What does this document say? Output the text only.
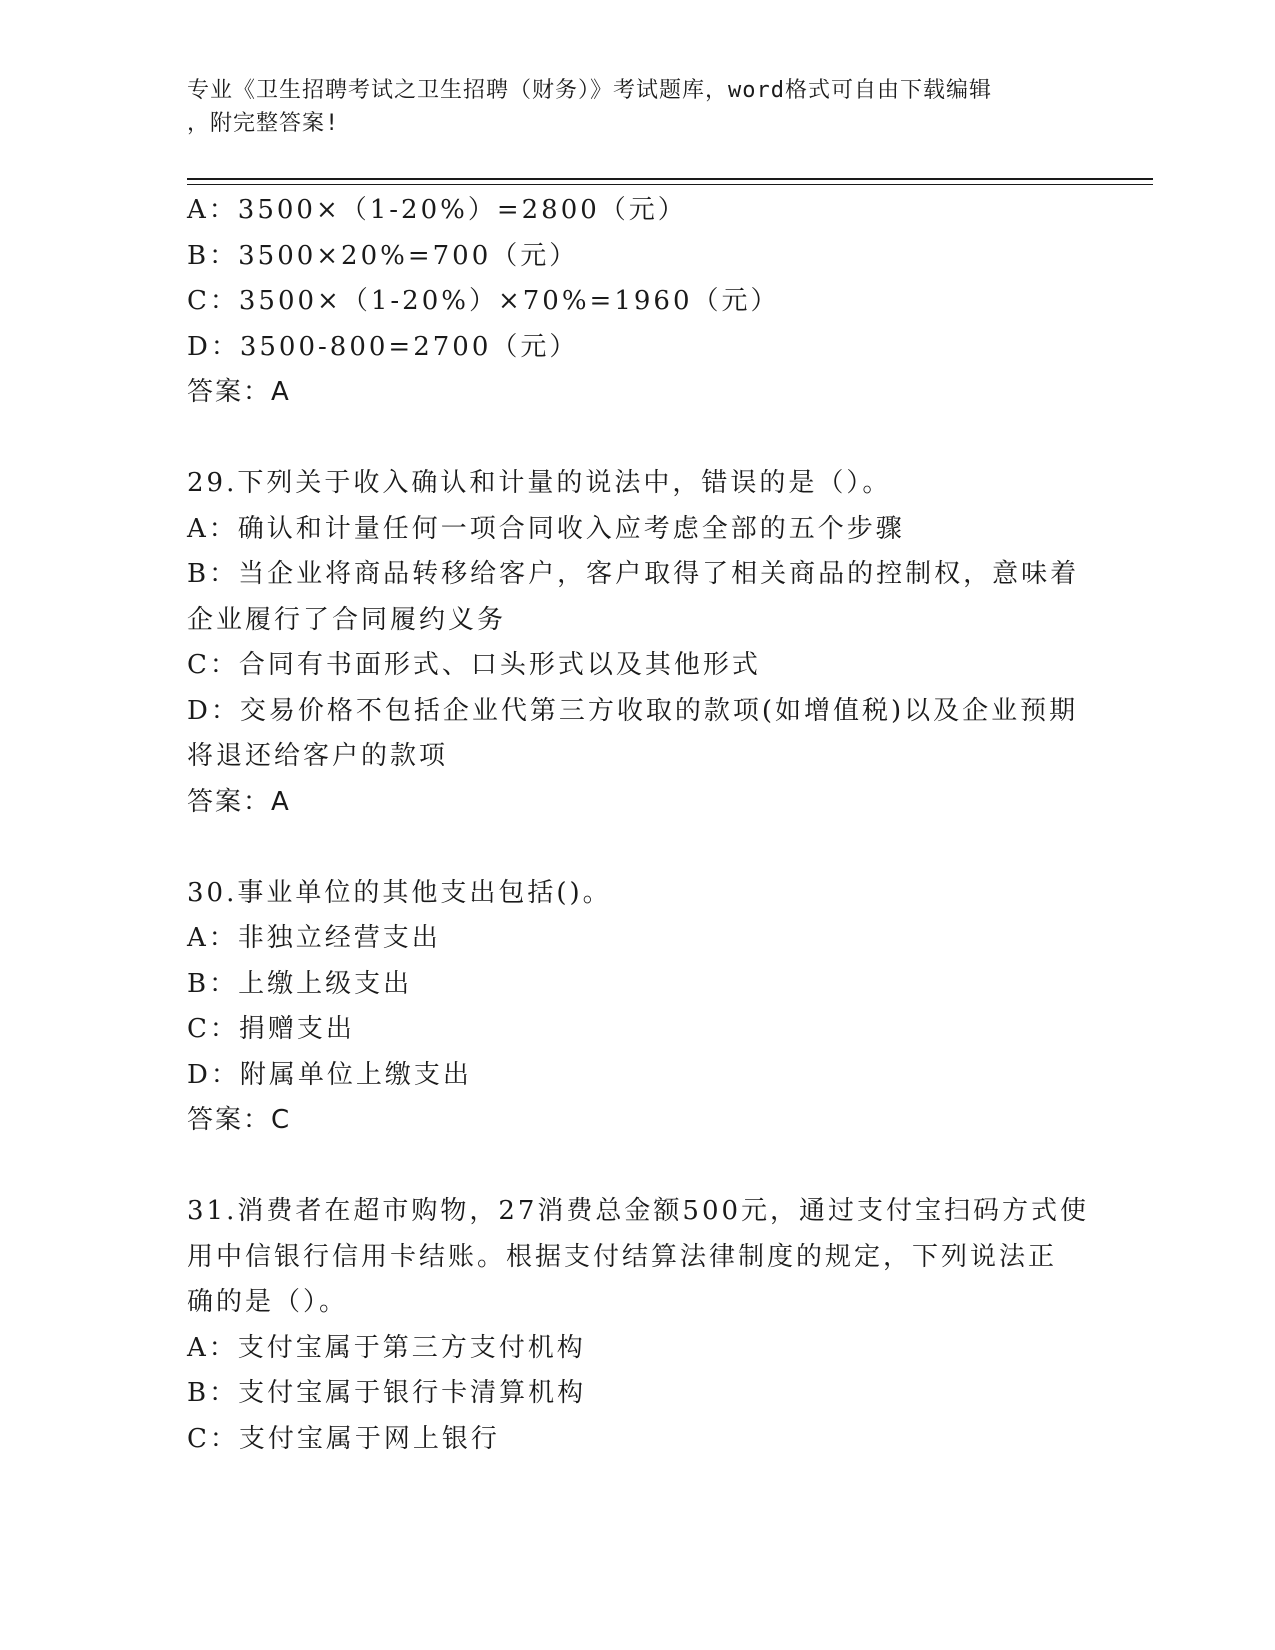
专业《卫生招聘考试之卫生招聘（财务）》考试题库，word格式可自由下载编辑
，附完整答案!
A：3500×（1-20%）=2800（元）
B：3500×20%=700（元）
C：3500×（1-20%）×70%=1960（元）
D：3500-800=2700（元）
答案：A
29.下列关于收入确认和计量的说法中，错误的是（）。
A：确认和计量任何一项合同收入应考虑全部的五个步骤
B：当企业将商品转移给客户，客户取得了相关商品的控制权，意味着
企业履行了合同履约义务
C：合同有书面形式、口头形式以及其他形式
D：交易价格不包括企业代第三方收取的款项(如增值税)以及企业预期
将退还给客户的款项
答案：A
30.事业单位的其他支出包括()。
A：非独立经营支出
B：上缴上级支出
C：捐赠支出
D：附属单位上缴支出
答案：C
31.消费者在超市购物，27消费总金额500元，通过支付宝扫码方式使
用中信银行信用卡结账。根据支付结算法律制度的规定，下列说法正
确的是（）。
A：支付宝属于第三方支付机构
B：支付宝属于银行卡清算机构
C：支付宝属于网上银行
